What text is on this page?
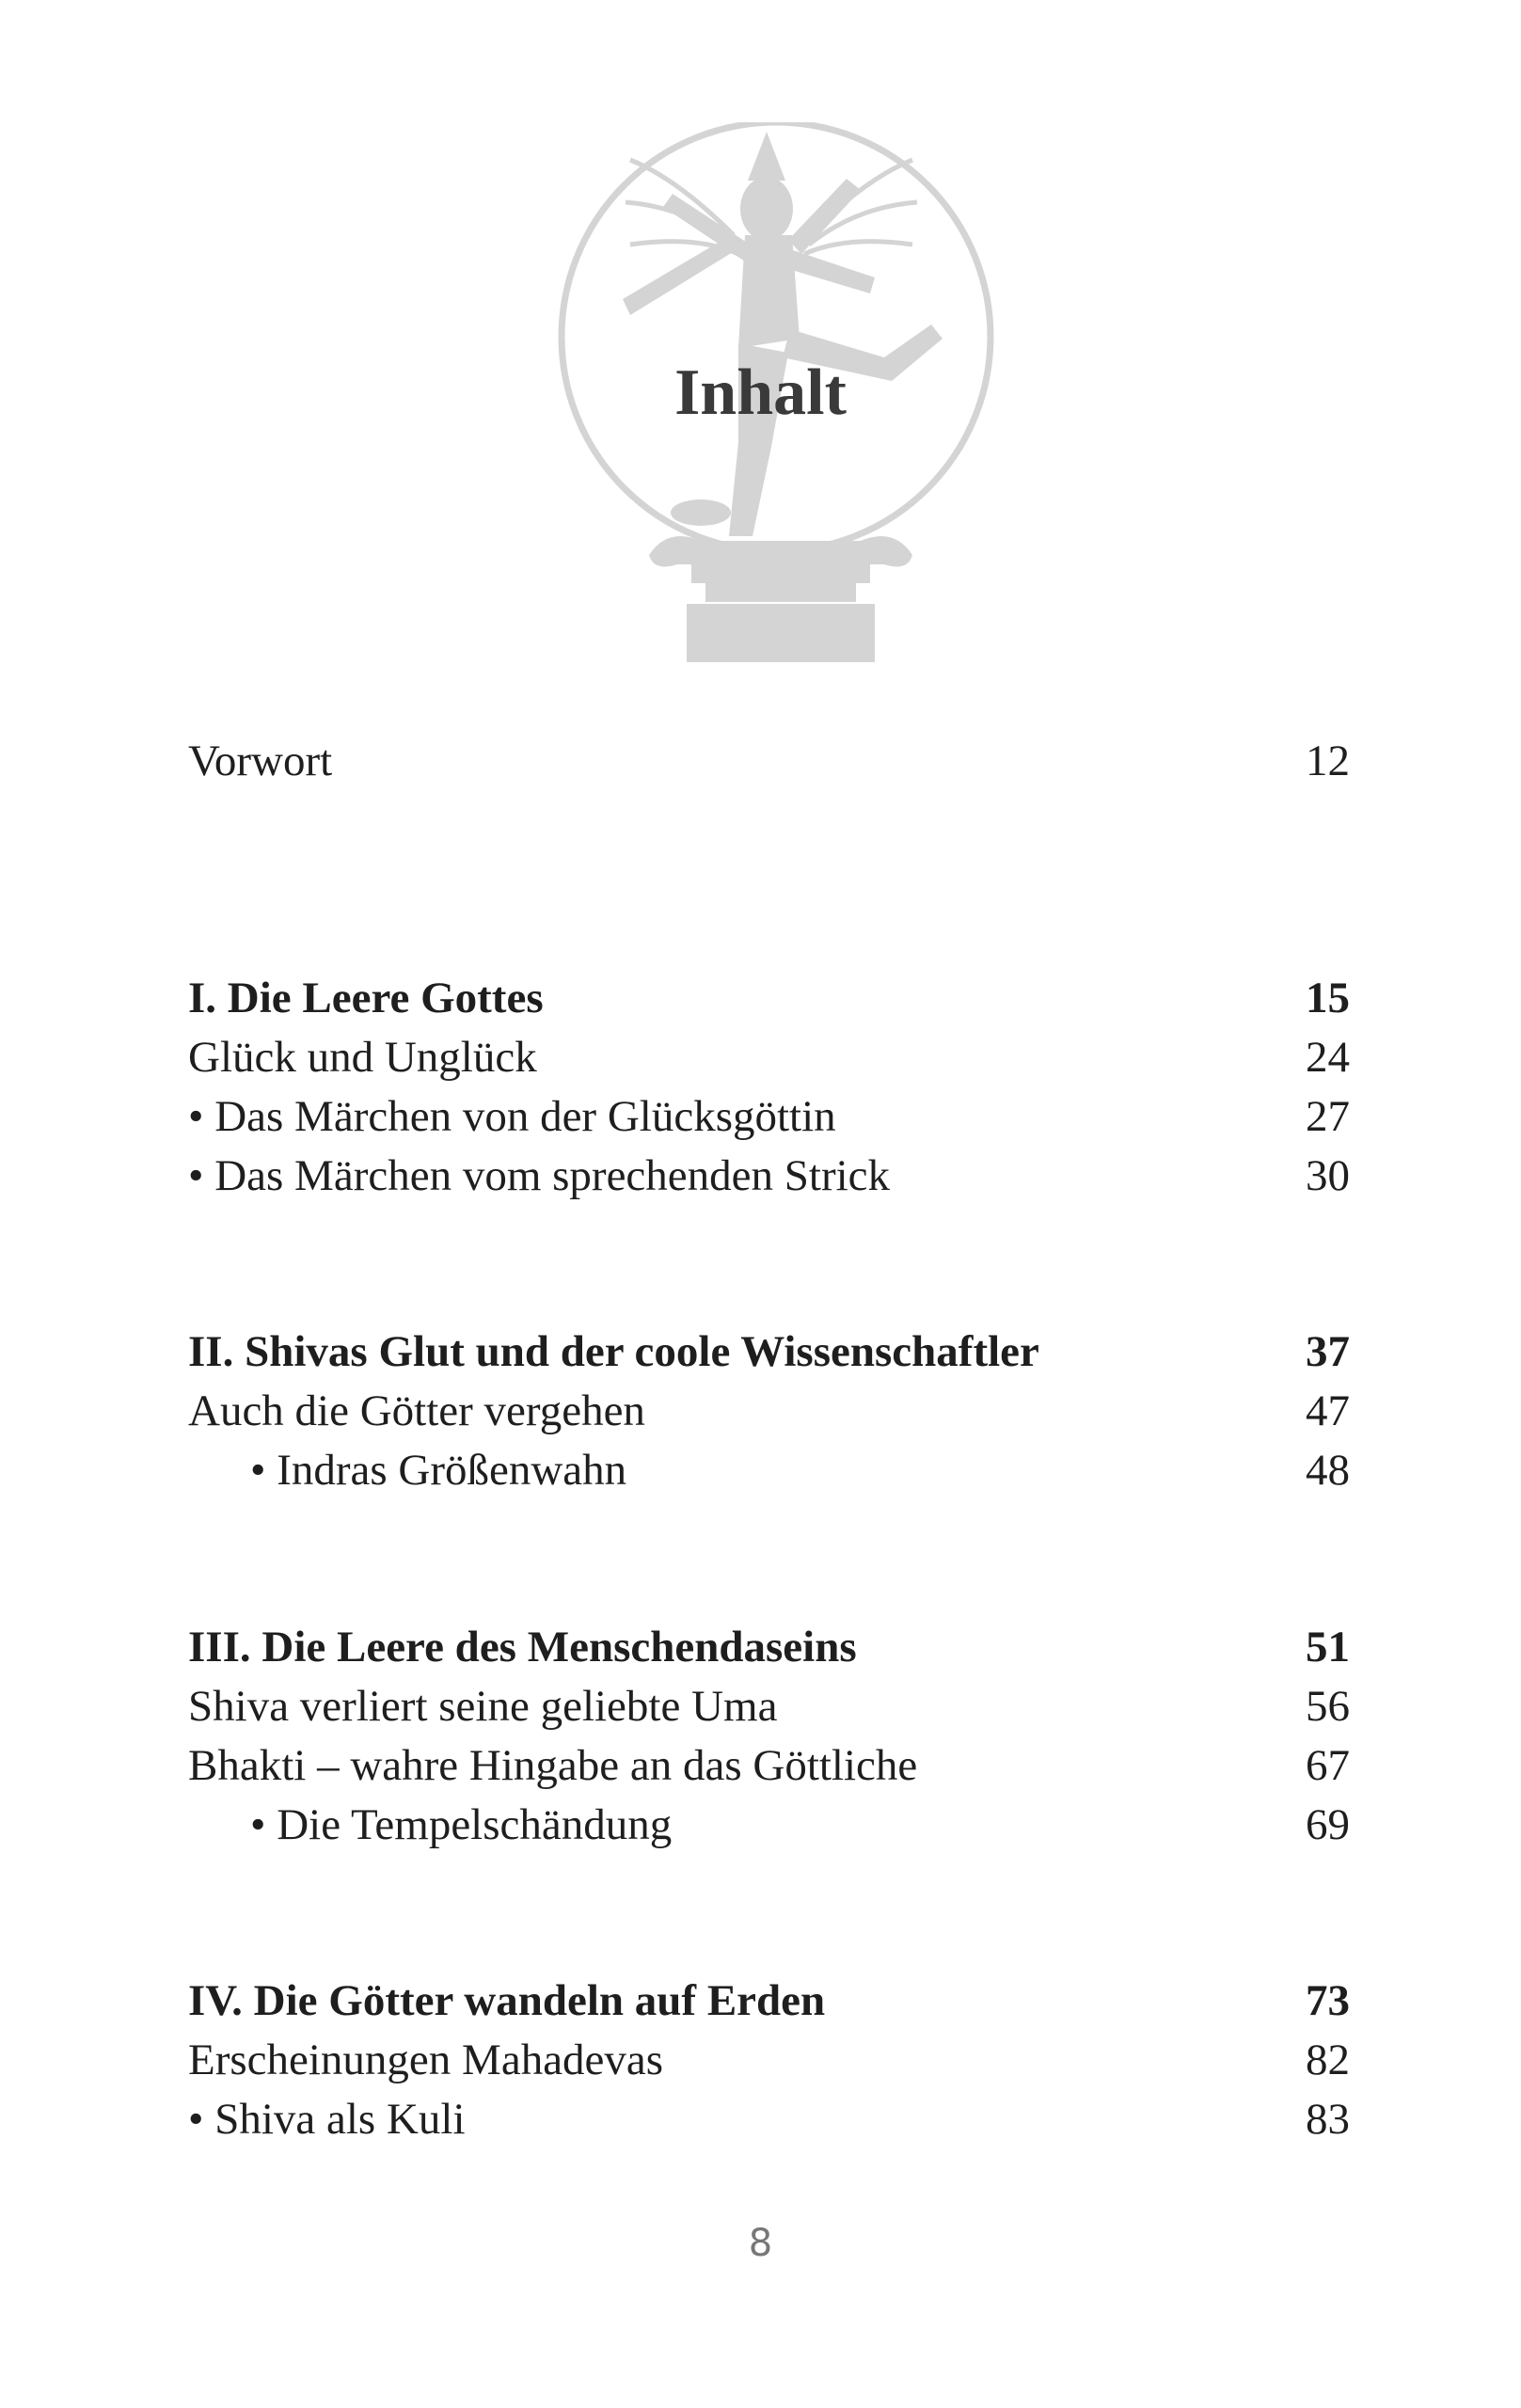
Inhalt
Vorwort	12
I. Die Leere Gottes	15
Glück und Unglück	24
• Das Märchen von der Glücksgöttin	27
• Das Märchen vom sprechenden Strick	30
II. Shivas Glut und der coole Wissenschaftler	37
Auch die Götter vergehen	47
• Indras Größenwahn	48
III. Die Leere des Menschendaseins	51
Shiva verliert seine geliebte Uma	56
Bhakti – wahre Hingabe an das Göttliche	67
• Die Tempelschändung	69
IV. Die Götter wandeln auf Erden	73
Erscheinungen Mahadevas	82
• Shiva als Kuli	83
8
